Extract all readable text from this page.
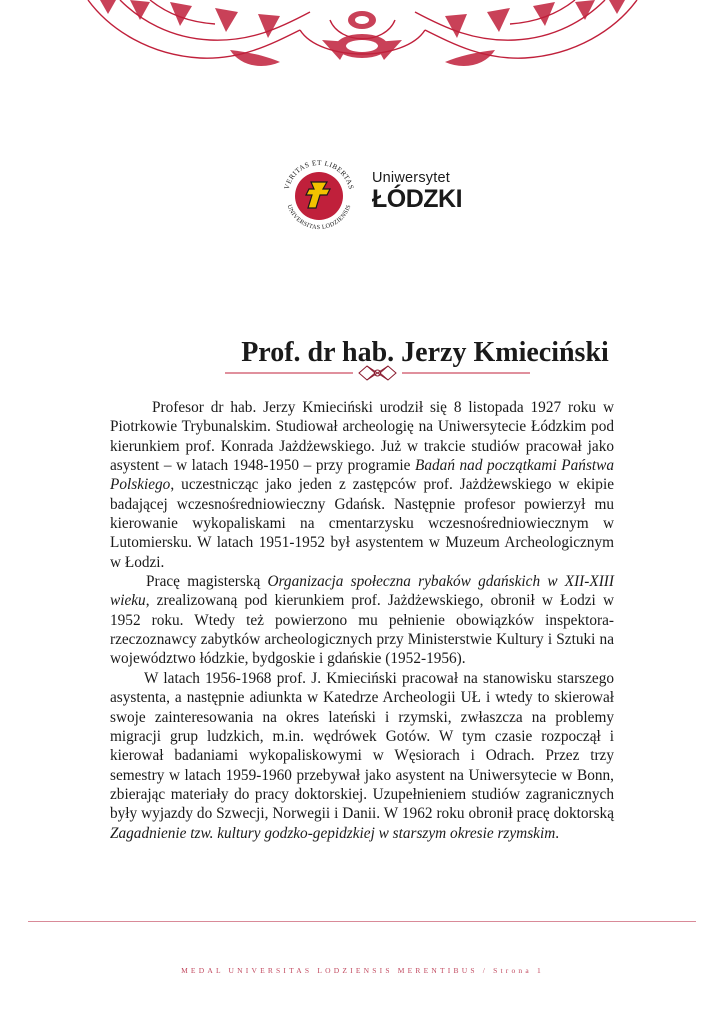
VERITAS ET LIBERTAS
UNIVERSITAS LODZIENSIS
Uniwersytet
ŁÓDZKI
Prof. dr hab. Jerzy Kmieciński

Profesor dr hab. Jerzy Kmieciński urodził się 8 listopada 1927 roku w Piotrkowie Trybunalskim. Studiował archeologię na Uniwersytecie Łódzkim pod kierunkiem prof. Konrada Jażdżewskiego. Już w trakcie studiów pracował jako asystent – w latach 1948-1950 – przy programie Badań nad początkami Państwa Polskiego, uczestnicząc jako jeden z zastępców prof. Jażdżewskiego w ekipie badającej wczesnośredniowieczny Gdańsk. Następnie profesor powierzył mu kierowanie wykopaliskami na cmentarzysku wczesnośredniowiecznym w Lutomiersku. W latach 1951-1952 był asystentem w Muzeum Archeologicznym w Łodzi.

Pracę magisterską Organizacja społeczna rybaków gdańskich w XII-XIII wieku, zrealizowaną pod kierunkiem prof. Jażdżewskiego, obronił w Łodzi w 1952 roku. Wtedy też powierzono mu pełnienie obowiązków inspektora-rzeczoznawcy zabytków archeologicznych przy Ministerstwie Kultury i Sztuki na województwo łódzkie, bydgoskie i gdańskie (1952-1956).

W latach 1956-1968 prof. J. Kmieciński pracował na stanowisku starszego asystenta, a następnie adiunkta w Katedrze Archeologii UŁ i wtedy to skierował swoje zainteresowania na okres lateński i rzymski, zwłaszcza na problemy migracji grup ludzkich, m.in. wędrówek Gotów. W tym czasie rozpoczął i kierował badaniami wykopaliskowymi w Węsiorach i Odrach. Przez trzy semestry w latach 1959-1960 przebywał jako asystent na Uniwersytecie w Bonn, zbierając materiały do pracy doktorskiej. Uzupełnieniem studiów zagranicznych były wyjazdy do Szwecji, Norwegii i Danii. W 1962 roku obronił pracę doktorską Zagadnienie tzw. kultury godzko-gepidzkiej w starszym okresie rzymskim.

MEDAL UNIVERSITAS LODZIENSIS MERENTIBUS / Strona 1
